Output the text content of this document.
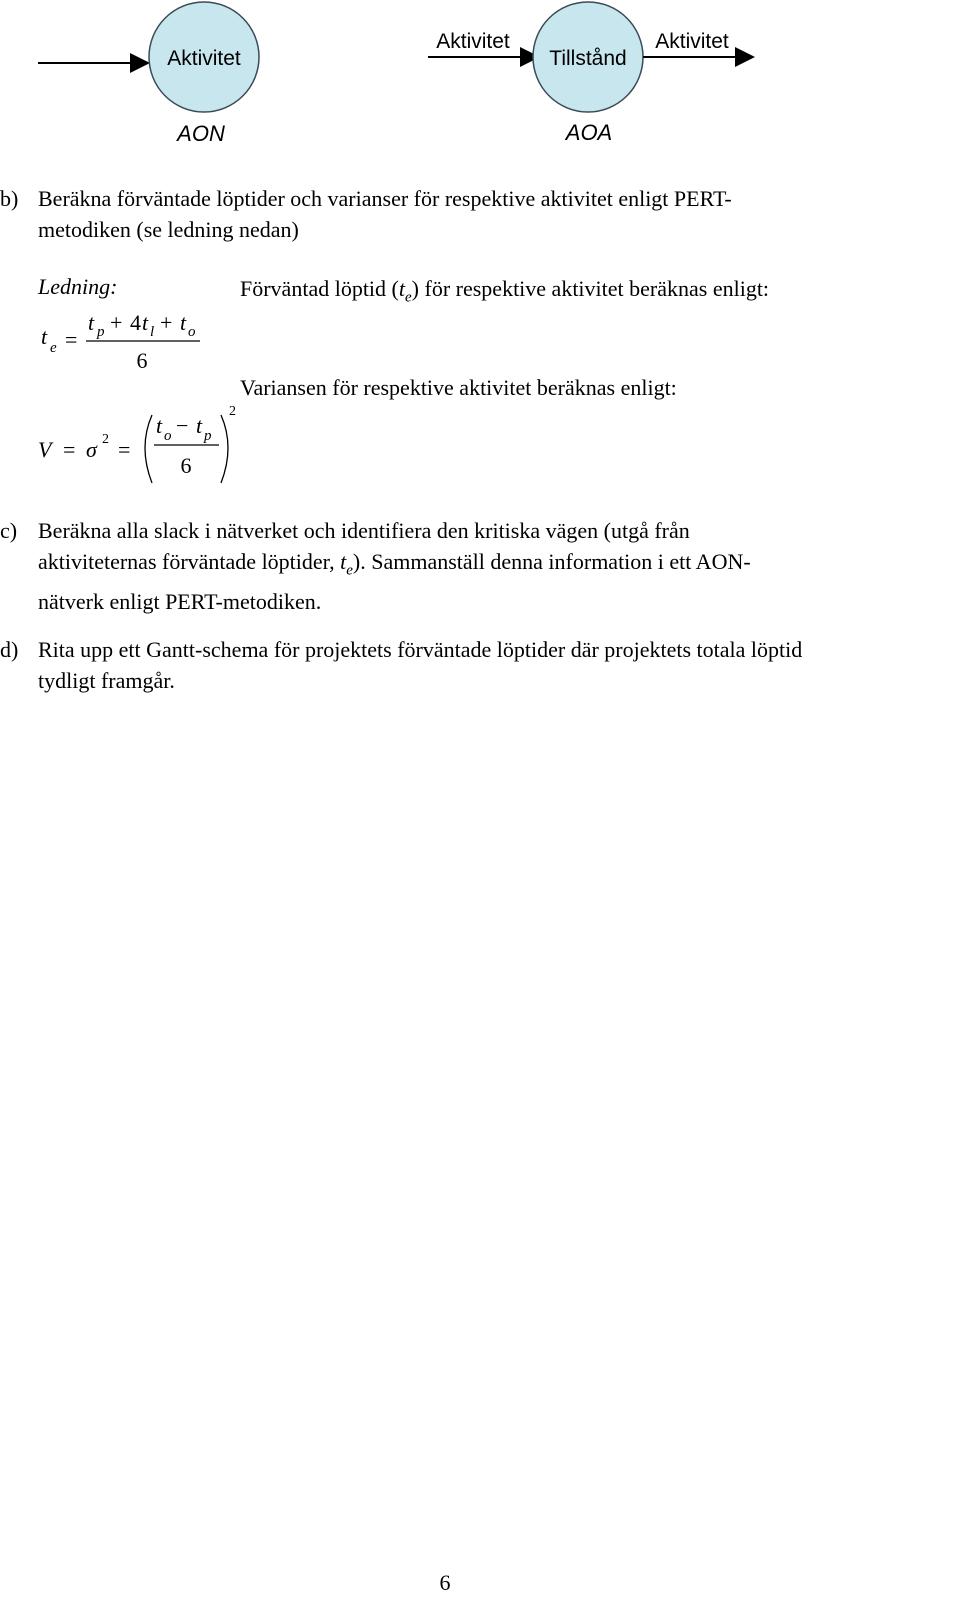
Aktivitet
Aktivitet
Tillstånd
Aktivitet
AON	AOA
b) Beräkna förväntade löptider och varianser för respektive aktivitet enligt PERT-
metodiken (se ledning nedan)
Ledning:	Förväntad löptid $(t_e)$ för respektive aktivitet beräknas enligt:
Variansen för respektive aktivitet beräknas enligt:
t e =
t p + 4 t l + t o
6
V = σ 2 =
t o − t p
6
2
c) Beräkna alla slack i nätverket och identifiera den kritiska vägen (utgå från
aktiviteternas förväntade löptider, $t_e$). Sammanställ denna information i ett AON-
nätverk enligt PERT-metodiken.
d) Rita upp ett Gantt-schema för projektets förväntade löptider där projektets totala löptid
tydligt framgår.
6
